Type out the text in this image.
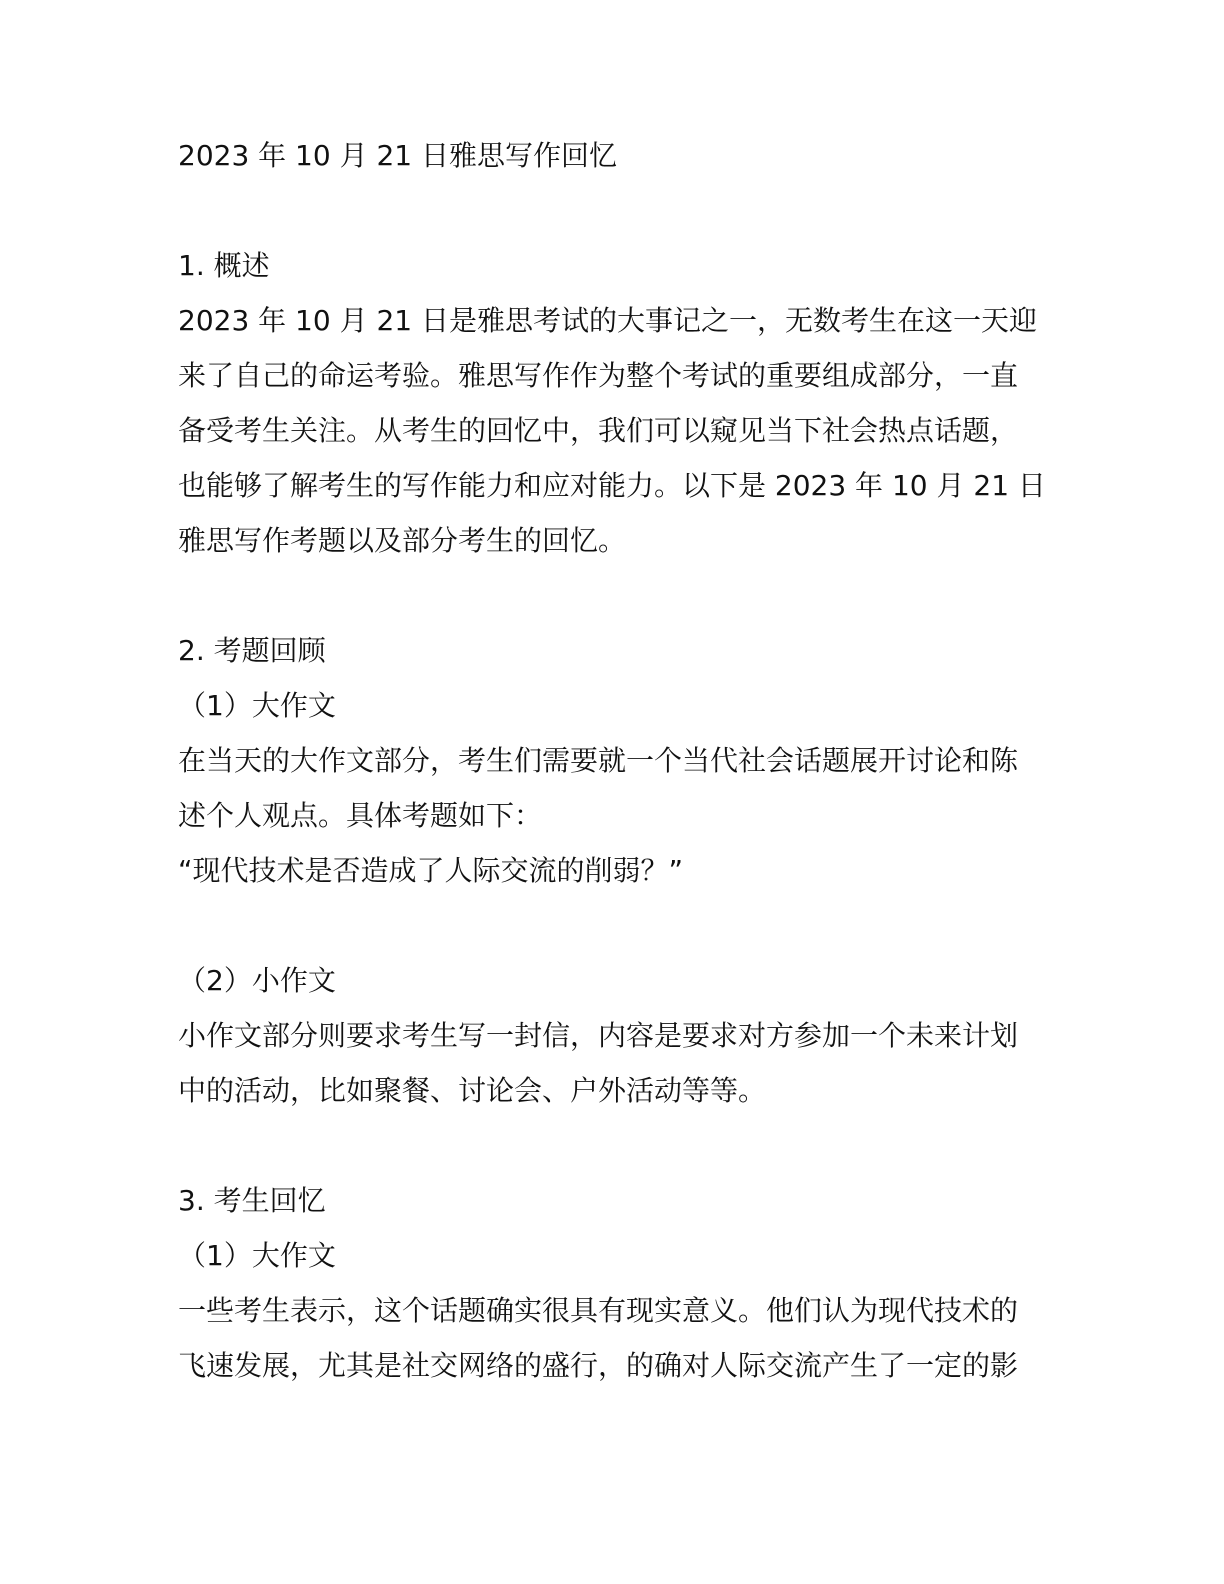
2023 年 10 月 21 日雅思写作回忆
1. 概述
2023 年 10 月 21 日是雅思考试的大事记之一，无数考生在这一天迎
来了自己的命运考验。雅思写作作为整个考试的重要组成部分，一直
备受考生关注。从考生的回忆中，我们可以窥见当下社会热点话题，
也能够了解考生的写作能力和应对能力。以下是 2023 年 10 月 21 日
雅思写作考题以及部分考生的回忆。
2. 考题回顾
（1）大作文
在当天的大作文部分，考生们需要就一个当代社会话题展开讨论和陈
述个人观点。具体考题如下：
“现代技术是否造成了人际交流的削弱？”
（2）小作文
小作文部分则要求考生写一封信，内容是要求对方参加一个未来计划
中的活动，比如聚餐、讨论会、户外活动等等。
3. 考生回忆
（1）大作文
一些考生表示，这个话题确实很具有现实意义。他们认为现代技术的
飞速发展，尤其是社交网络的盛行，的确对人际交流产生了一定的影
